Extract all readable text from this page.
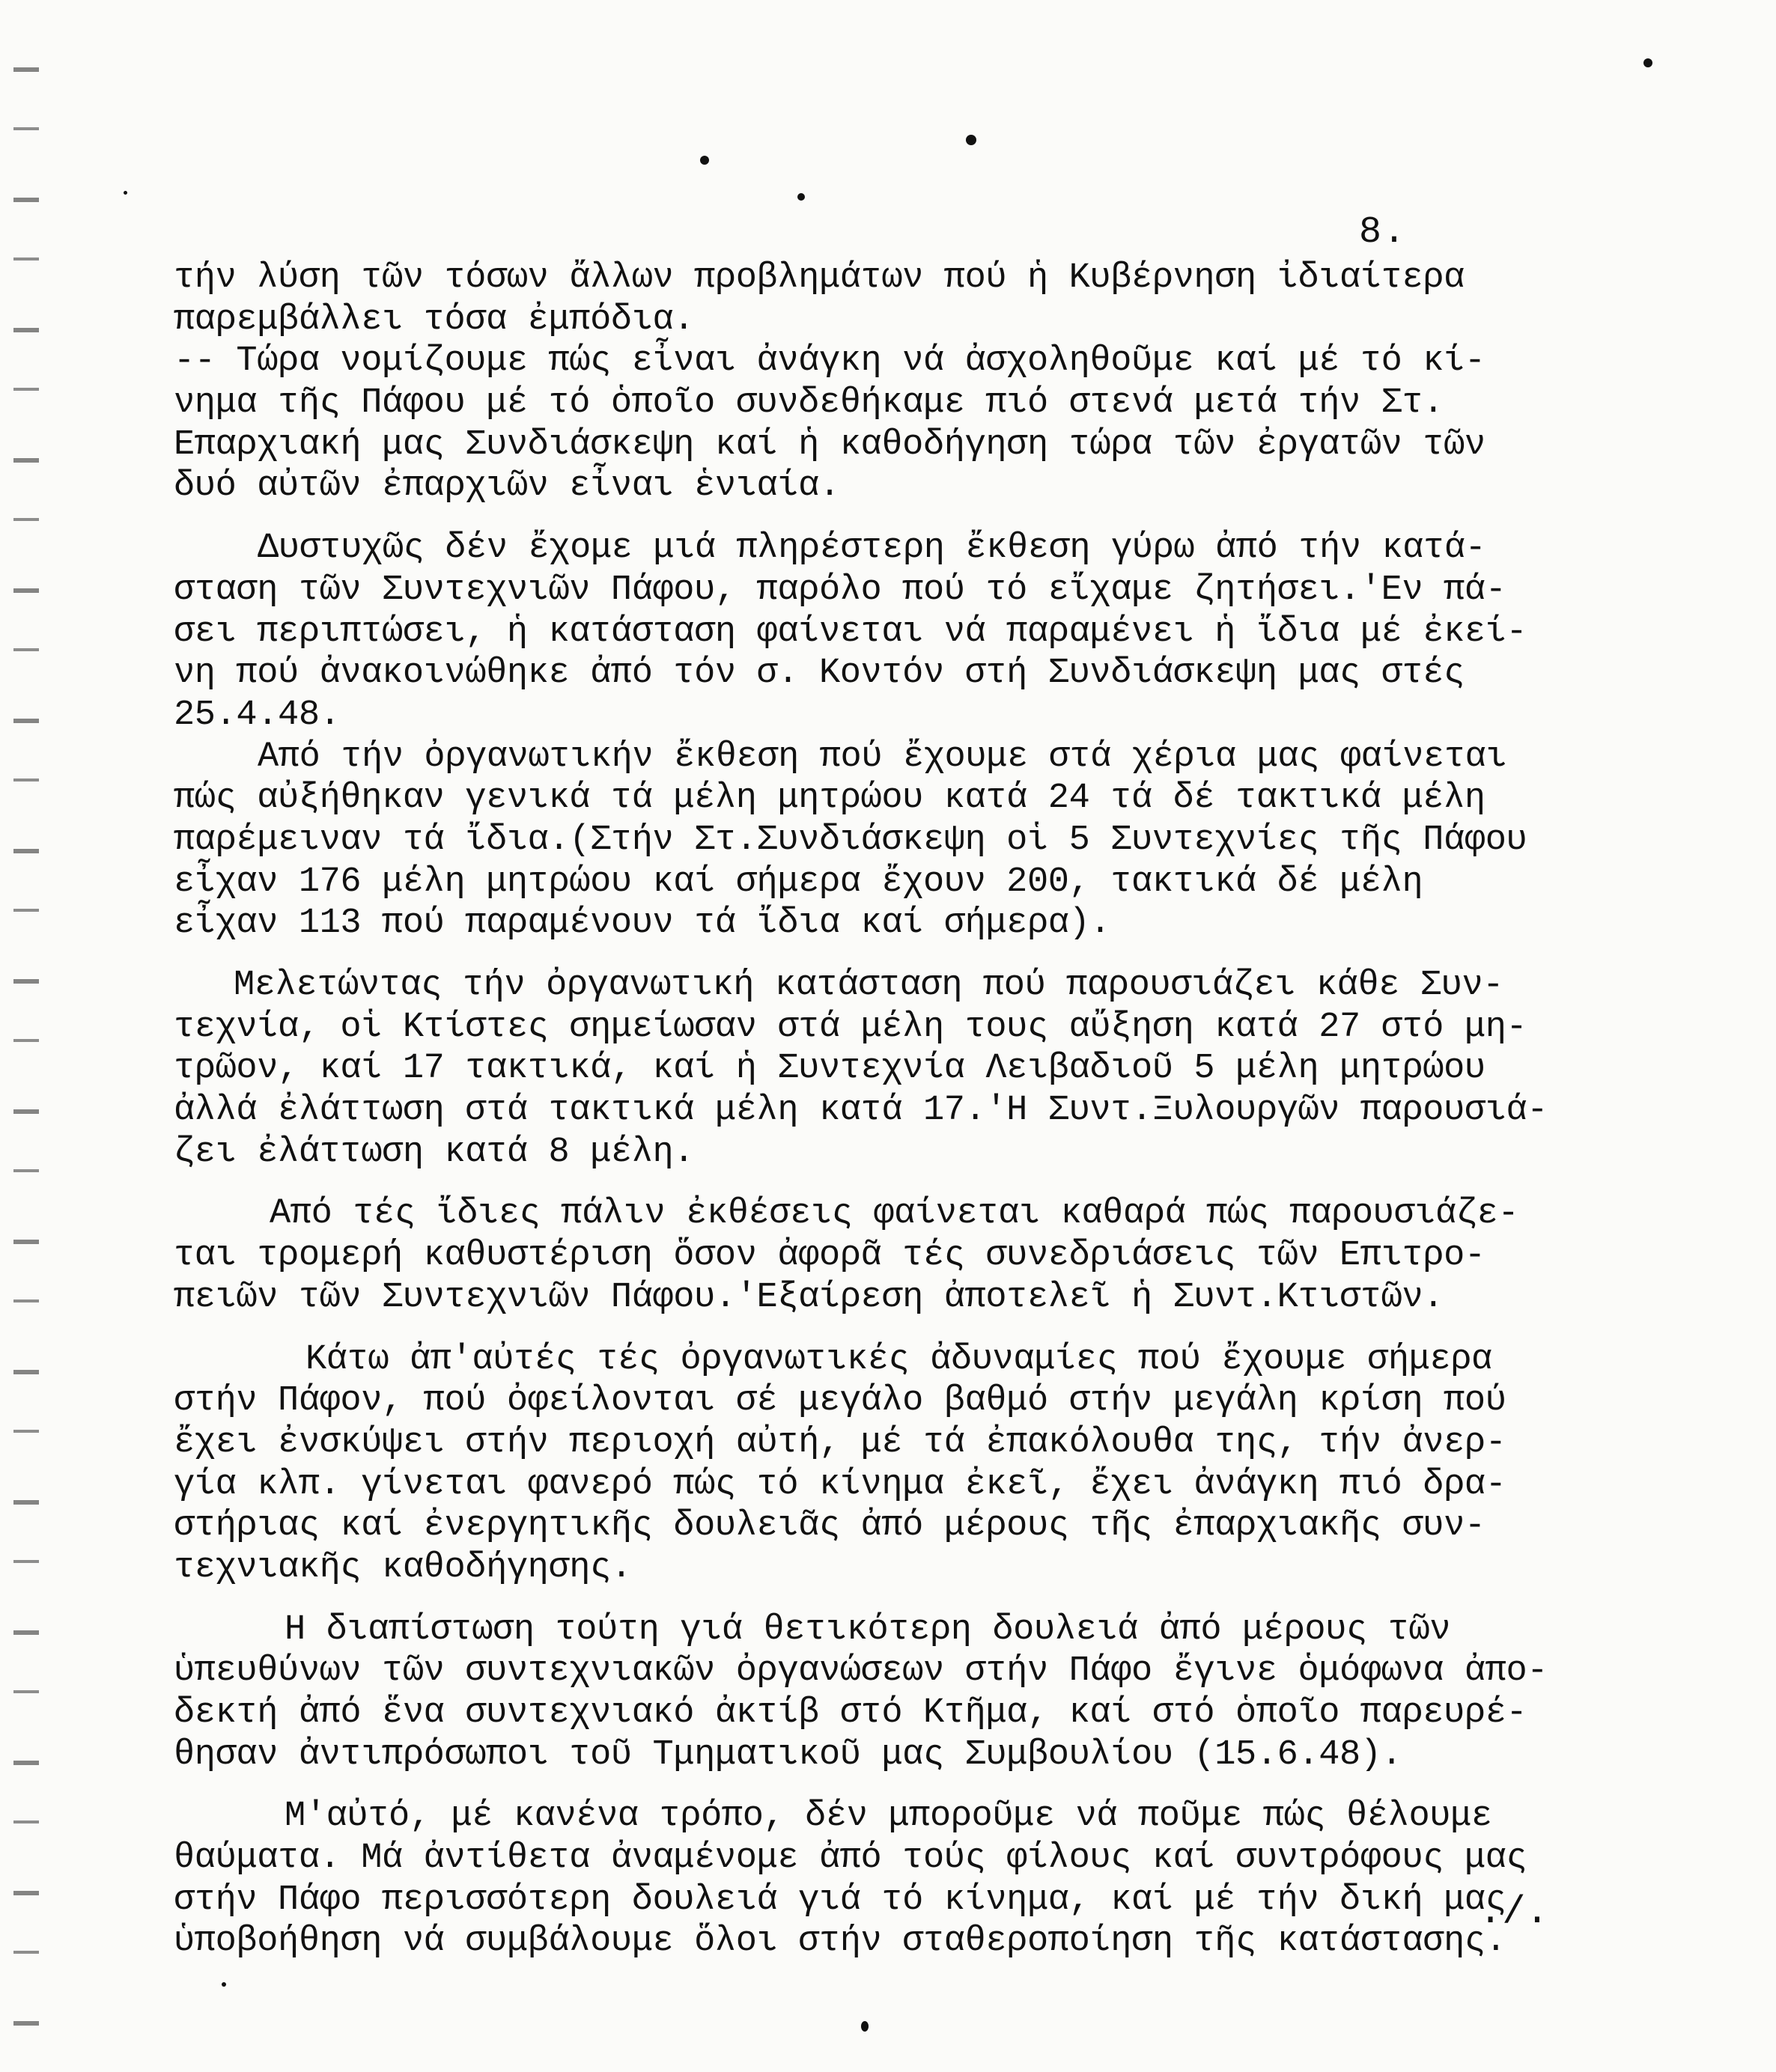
8.
τήν λύση τῶν τόσων ἄλλων προβλημάτων πού ἡ Κυβέρνηση ἰδιαίτερα
παρεμβάλλει τόσα ἐμπόδια.
-- Τώρα νομίζουμε πώς εἶναι ἀνάγκη νά ἀσχοληθοῦμε καί μέ τό κί-
νημα τῆς Πάφου μέ τό ὁποῖο συνδεθήκαμε πιό στενά μετά τήν Στ.
Επαρχιακή μας Συνδιάσκεψη καί ἡ καθοδήγηση τώρα τῶν ἐργατῶν τῶν
δυό αὐτῶν ἐπαρχιῶν εἶναι ἑνιαία.
Δυστυχῶς δέν ἔχομε μιά πληρέστερη ἔκθεση γύρω ἀπό τήν κατά-
σταση τῶν Συντεχνιῶν Πάφου, παρόλο πού τό εἴχαμε ζητήσει.'Εν πά-
σει περιπτώσει, ἡ κατάσταση φαίνεται νά παραμένει ἡ ἴδια μέ ἐκεί-
νη πού ἀνακοινώθηκε ἀπό τόν σ. Κοντόν στή Συνδιάσκεψη μας στές
25.4.48.
Από τήν ὀργανωτικήν ἔκθεση πού ἔχουμε στά χέρια μας φαίνεται
πώς αὐξήθηκαν γενικά τά μέλη μητρώου κατά 24 τά δέ τακτικά μέλη
παρέμειναν τά ἴδια.(Στήν Στ.Συνδιάσκεψη οἱ 5 Συντεχνίες τῆς Πάφου
εἶχαν 176 μέλη μητρώου καί σήμερα ἔχουν 200, τακτικά δέ μέλη
εἶχαν 113 πού παραμένουν τά ἴδια καί σήμερα).
Μελετώντας τήν ὀργανωτική κατάσταση πού παρουσιάζει κάθε Συν-
τεχνία, οἱ Κτίστες σημείωσαν στά μέλη τους αὔξηση κατά 27 στό μη-
τρῶον, καί 17 τακτικά, καί ἡ Συντεχνία Λειβαδιοῦ 5 μέλη μητρώου
ἀλλά ἐλάττωση στά τακτικά μέλη κατά 17.'Η Συντ.Ξυλουργῶν παρουσιά-
ζει ἐλάττωση κατά 8 μέλη.
Από τές ἴδιες πάλιν ἐκθέσεις φαίνεται καθαρά πώς παρουσιάζε-
ται τρομερή καθυστέριση ὅσον ἀφορᾶ τές συνεδριάσεις τῶν Επιτρο-
πειῶν τῶν Συντεχνιῶν Πάφου.'Εξαίρεση ἀποτελεῖ ἡ Συντ.Κτιστῶν.
Κάτω ἀπ'αὐτές τές ὀργανωτικές ἀδυναμίες πού ἔχουμε σήμερα
στήν Πάφον, πού ὀφείλονται σέ μεγάλο βαθμό στήν μεγάλη κρίση πού
ἔχει ἐνσκύψει στήν περιοχή αὐτή, μέ τά ἐπακόλουθα της, τήν ἀνερ-
γία κλπ. γίνεται φανερό πώς τό κίνημα ἐκεῖ, ἔχει ἀνάγκη πιό δρα-
στήριας καί ἐνεργητικῆς δουλειᾶς ἀπό μέρους τῆς ἐπαρχιακῆς συν-
τεχνιακῆς καθοδήγησης.
Η διαπίστωση τούτη γιά θετικότερη δουλειά ἀπό μέρους τῶν
ὑπευθύνων τῶν συντεχνιακῶν ὀργανώσεων στήν Πάφο ἔγινε ὁμόφωνα ἀπο-
δεκτή ἀπό ἕνα συντεχνιακό ἀκτίβ στό Κτῆμα, καί στό ὁποῖο παρευρέ-
θησαν ἀντιπρόσωποι τοῦ Τμηματικοῦ μας Συμβουλίου (15.6.48).
Μ'αὐτό, μέ κανένα τρόπο, δέν μποροῦμε νά ποῦμε πώς θέλουμε
θαύματα. Μά ἀντίθετα ἀναμένομε ἀπό τούς φίλους καί συντρόφους μας
στήν Πάφο περισσότερη δουλειά γιά τό κίνημα, καί μέ τήν δική μας
ὑποβοήθηση νά συμβάλουμε ὅλοι στήν σταθεροποίηση τῆς κατάστασης.
./.
